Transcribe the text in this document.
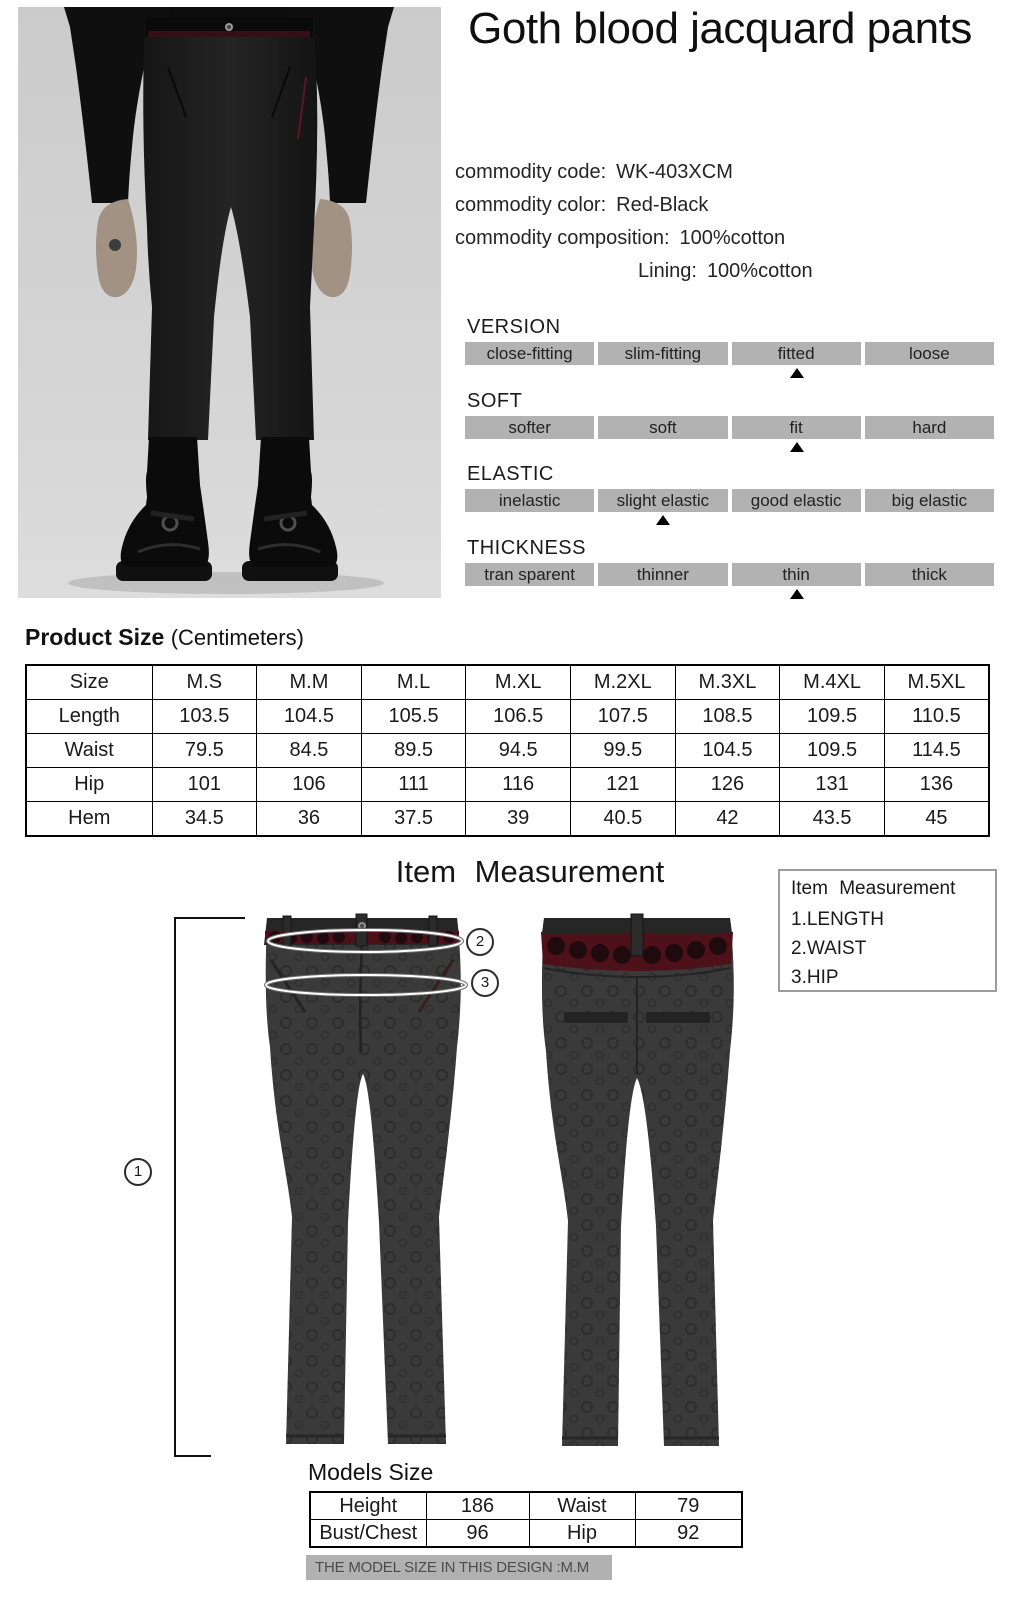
Goth blood jacquard pants
commodity code: WK-403XCM
commodity color: Red-Black
commodity composition: 100%cotton
Lining: 100%cotton
VERSION
close-fitting	slim-fitting	fitted	loose
SOFT
softer	soft	fit	hard
ELASTIC
inelastic	slight elastic	good elastic	big elastic
THICKNESS
tran sparent	thinner	thin	thick
Product Size (Centimeters)
Size	M.S	M.M	M.L	M.XL	M.2XL	M.3XL	M.4XL	M.5XL
Length	103.5	104.5	105.5	106.5	107.5	108.5	109.5	110.5
Waist	79.5	84.5	89.5	94.5	99.5	104.5	109.5	114.5
Hip	101	106	111	116	121	126	131	136
Hem	34.5	36	37.5	39	40.5	42	43.5	45
Item Measurement	Item Measurement
1.LENGTH
2.WAIST
3.HIP
1
2
3
Models Size
Height	186	Waist	79
Bust/Chest	96	Hip	92
THE MODEL SIZE IN THIS DESIGN :M.M
